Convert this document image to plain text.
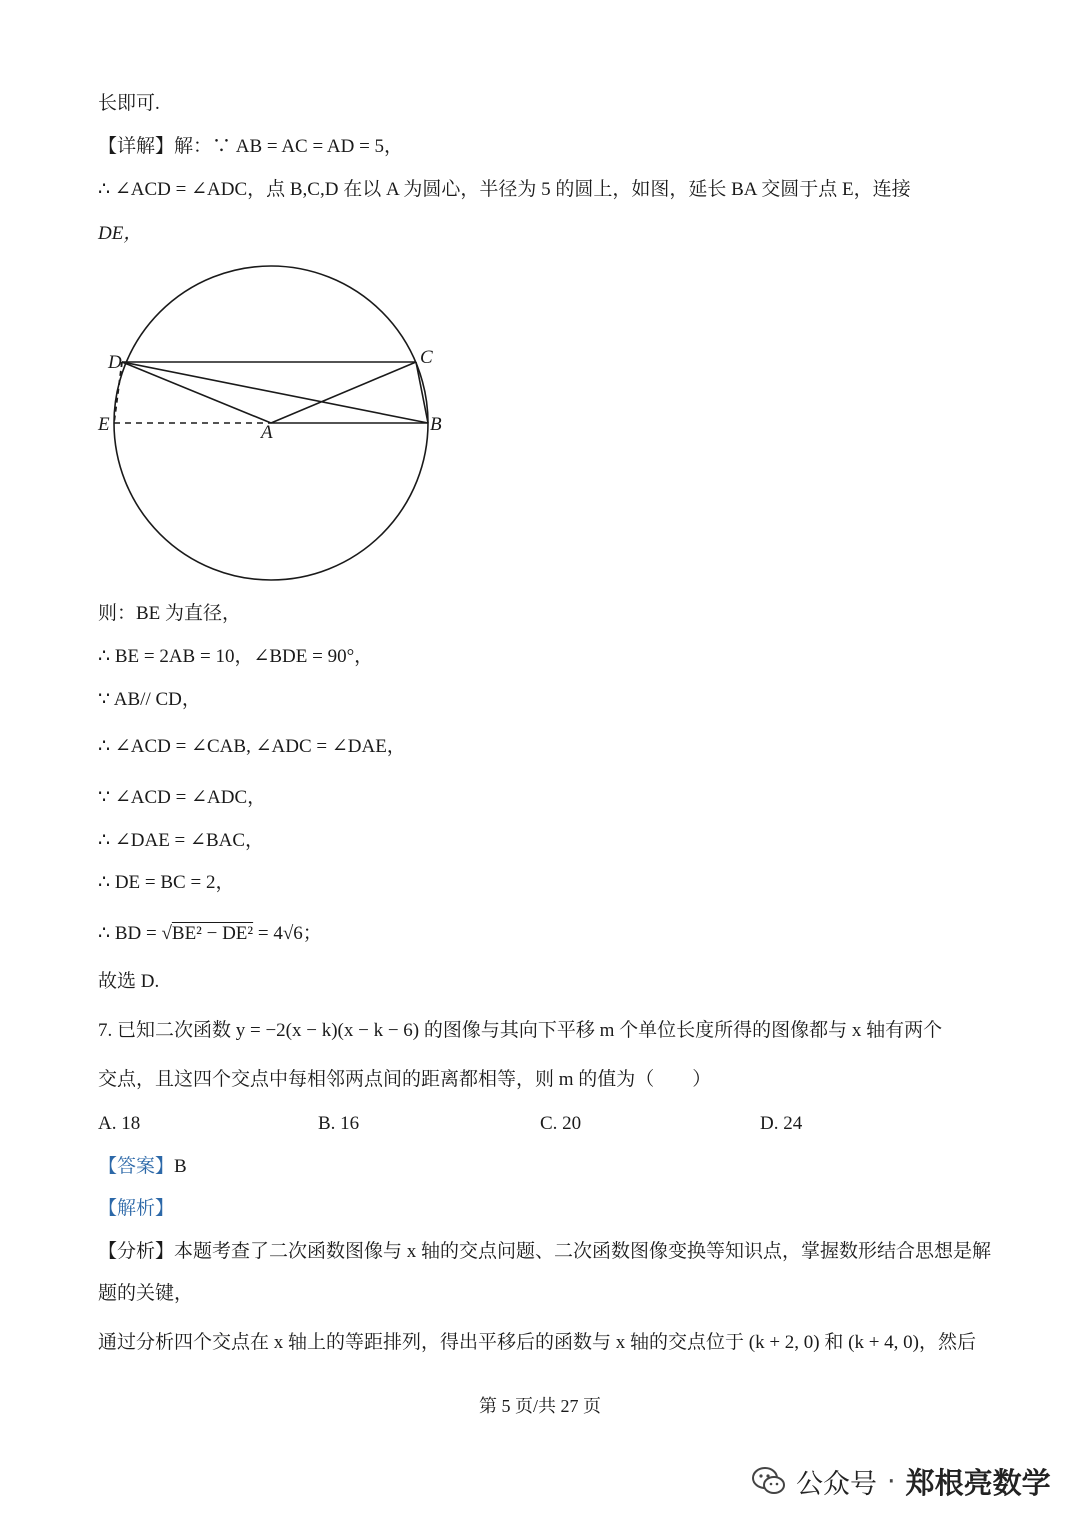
长即可.
【详解】解：∵ AB = AC = AD = 5，
∴ ∠ACD = ∠ADC，点 B,C,D 在以 A 为圆心，半径为 5 的圆上，如图，延长 BA 交圆于点 E，连接
DE，
D	C
E	A	B
则：BE 为直径，
∴ BE = 2AB = 10，∠BDE = 90°，
∵ AB// CD，
∴ ∠ACD = ∠CAB, ∠ADC = ∠DAE，
∵ ∠ACD = ∠ADC，
∴ ∠DAE = ∠BAC，
∴ DE = BC = 2，
∴ BD = √BE² − DE² = 4√6；
故选 D.
7. 已知二次函数 y = −2(x − k)(x − k − 6) 的图像与其向下平移 m 个单位长度所得的图像都与 x 轴有两个
交点，且这四个交点中每相邻两点间的距离都相等，则 m 的值为（　　）
A. 18	B. 16	C. 20	D. 24
【答案】B
【解析】
【分析】本题考查了二次函数图像与 x 轴的交点问题、二次函数图像变换等知识点，掌握数形结合思想是解
题的关键，
通过分析四个交点在 x 轴上的等距排列，得出平移后的函数与 x 轴的交点位于 (k + 2, 0) 和 (k + 4, 0)，然后
第 5 页/共 27 页
公众号 · 郑根亮数学
